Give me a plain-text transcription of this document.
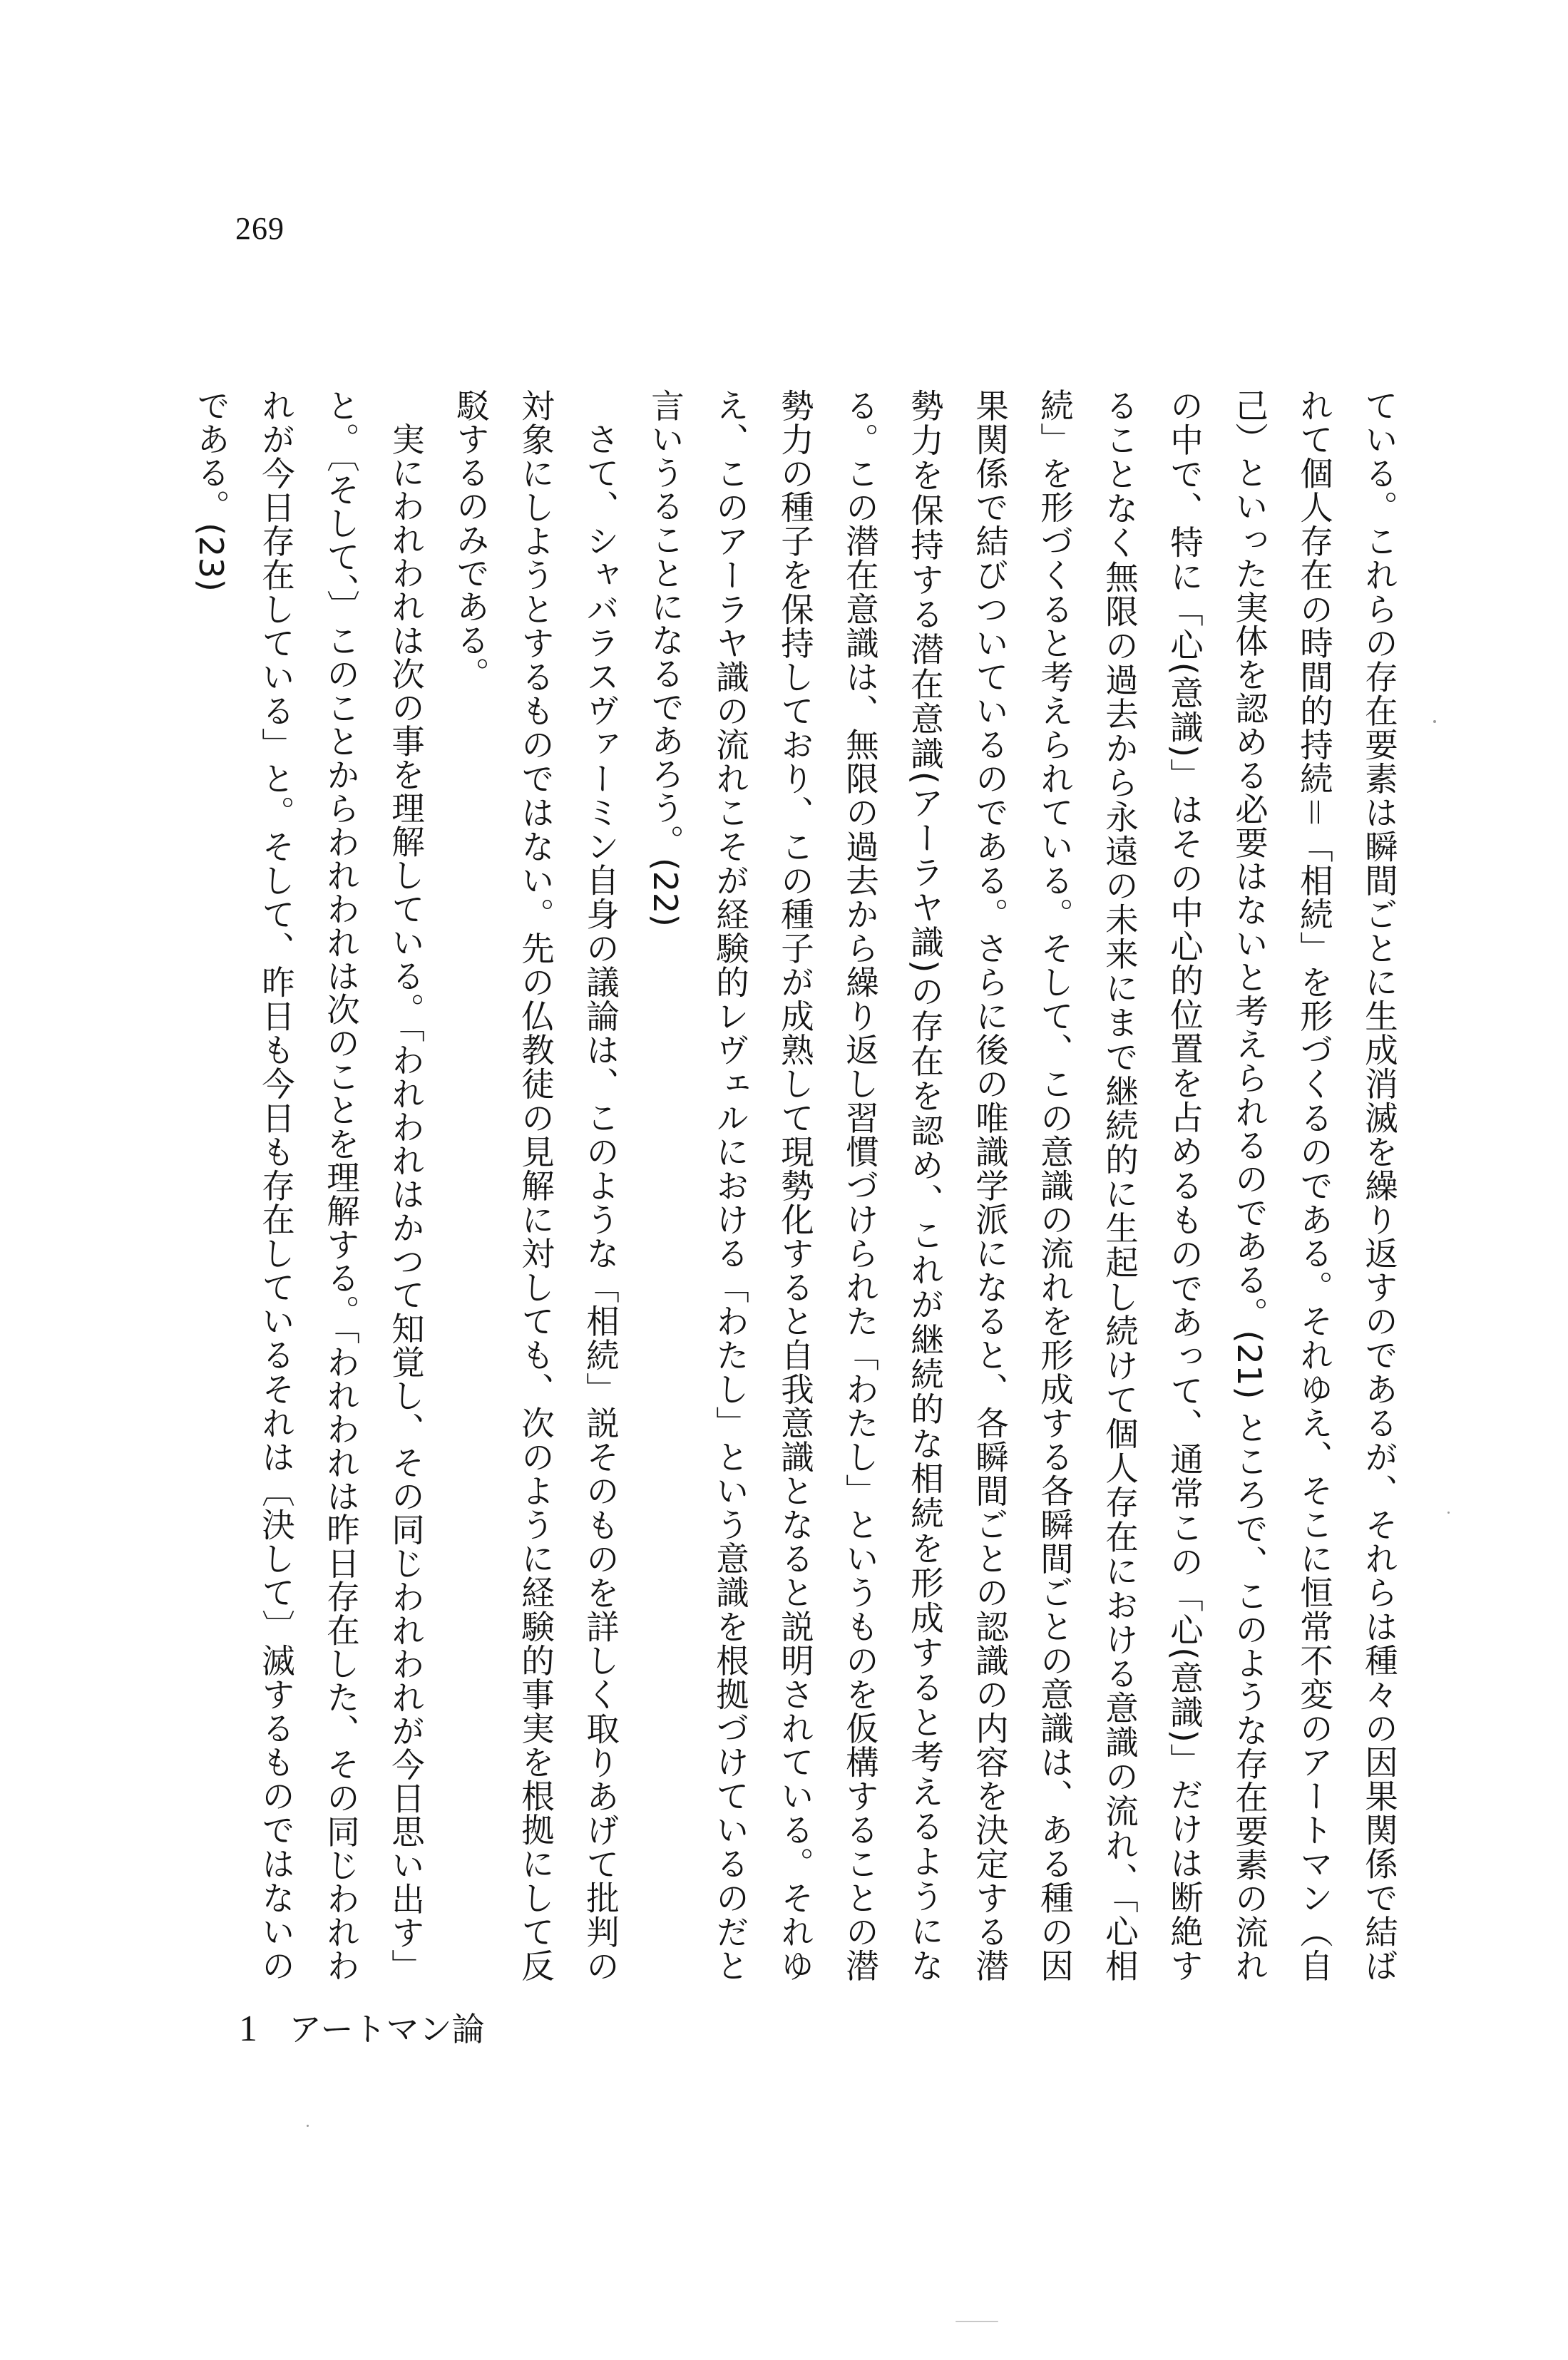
269

ている。これらの存在要素は瞬間ごとに生成消滅を繰り返すのであるが、それらは種々の因果関係で結ばれて個人存在の時間的持続＝「相続」を形づくるのである。それゆえ、そこに恒常不変のアートマン（自己）といった実体を認める必要はないと考えられるのである。(21) ところで、このような存在要素の流れの中で、特に「心(意識)」はその中心的位置を占めるものであって、通常この「心(意識)」だけは断絶することなく無限の過去から永遠の未来にまで継続的に生起し続けて個人存在における意識の流れ、「心相続」を形づくると考えられている。そして、この意識の流れを形成する各瞬間ごとの意識は、ある種の因果関係で結びついているのである。さらに後の唯識学派になると、各瞬間ごとの認識の内容を決定する潜勢力を保持する潜在意識(アーラヤ識)の存在を認め、これが継続的な相続を形成すると考えるようになる。この潜在意識は、無限の過去から繰り返し習慣づけられた「わたし」というものを仮構することの潜勢力の種子を保持しており、この種子が成熟して現勢化すると自我意識となると説明されている。それゆえ、このアーラヤ識の流れこそが経験的レヴェルにおける「わたし」という意識を根拠づけているのだと言いうることになるであろう。(22)

さて、シャバラスヴァーミン自身の議論は、このような「相続」説そのものを詳しく取りあげて批判の対象にしようとするものではない。先の仏教徒の見解に対しても、次のように経験的事実を根拠にして反駁するのみである。

実にわれわれは次の事を理解している。「われわれはかつて知覚し、その同じわれわれが今日思い出す」と。〔そして、〕このことからわれわれは次のことを理解する。「われわれは昨日存在した、その同じわれわれが今日存在している」と。そして、昨日も今日も存在しているそれは〔決して〕滅するものではないのである。(23)

1 アートマン論
